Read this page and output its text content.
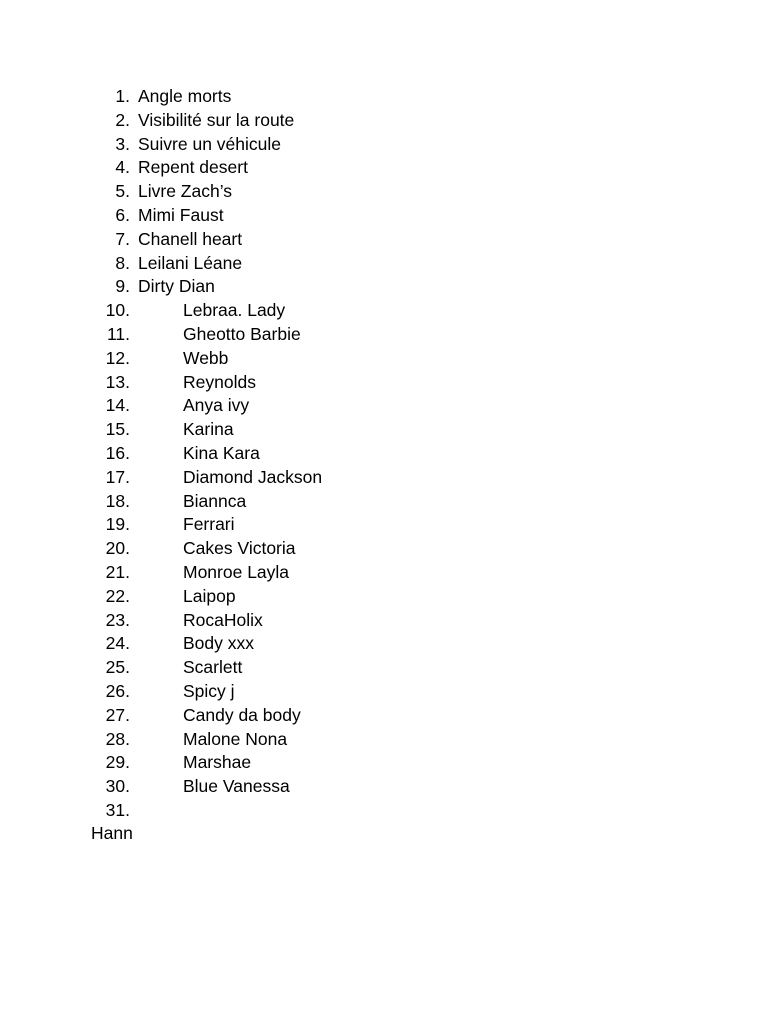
1. Angle morts
2. Visibilité sur la route
3. Suivre un véhicule
4. Repent desert
5. Livre Zach’s
6. Mimi Faust
7. Chanell heart
8. Leilani Léane
9. Dirty Dian
10.	Lebraa. Lady
11.	Gheotto Barbie
12.	Webb
13.	Reynolds
14.	Anya ivy
15.	Karina
16.	Kina Kara
17.	Diamond Jackson
18.	Biannca
19.	Ferrari
20.	Cakes Victoria
21.	Monroe Layla
22.	Laipop
23.	RocaHolix
24.	Body xxx
25.	Scarlett
26.	Spicy j
27.	Candy da body
28.	Malone Nona
29.	Marshae
30.	Blue Vanessa
31.
Hann
